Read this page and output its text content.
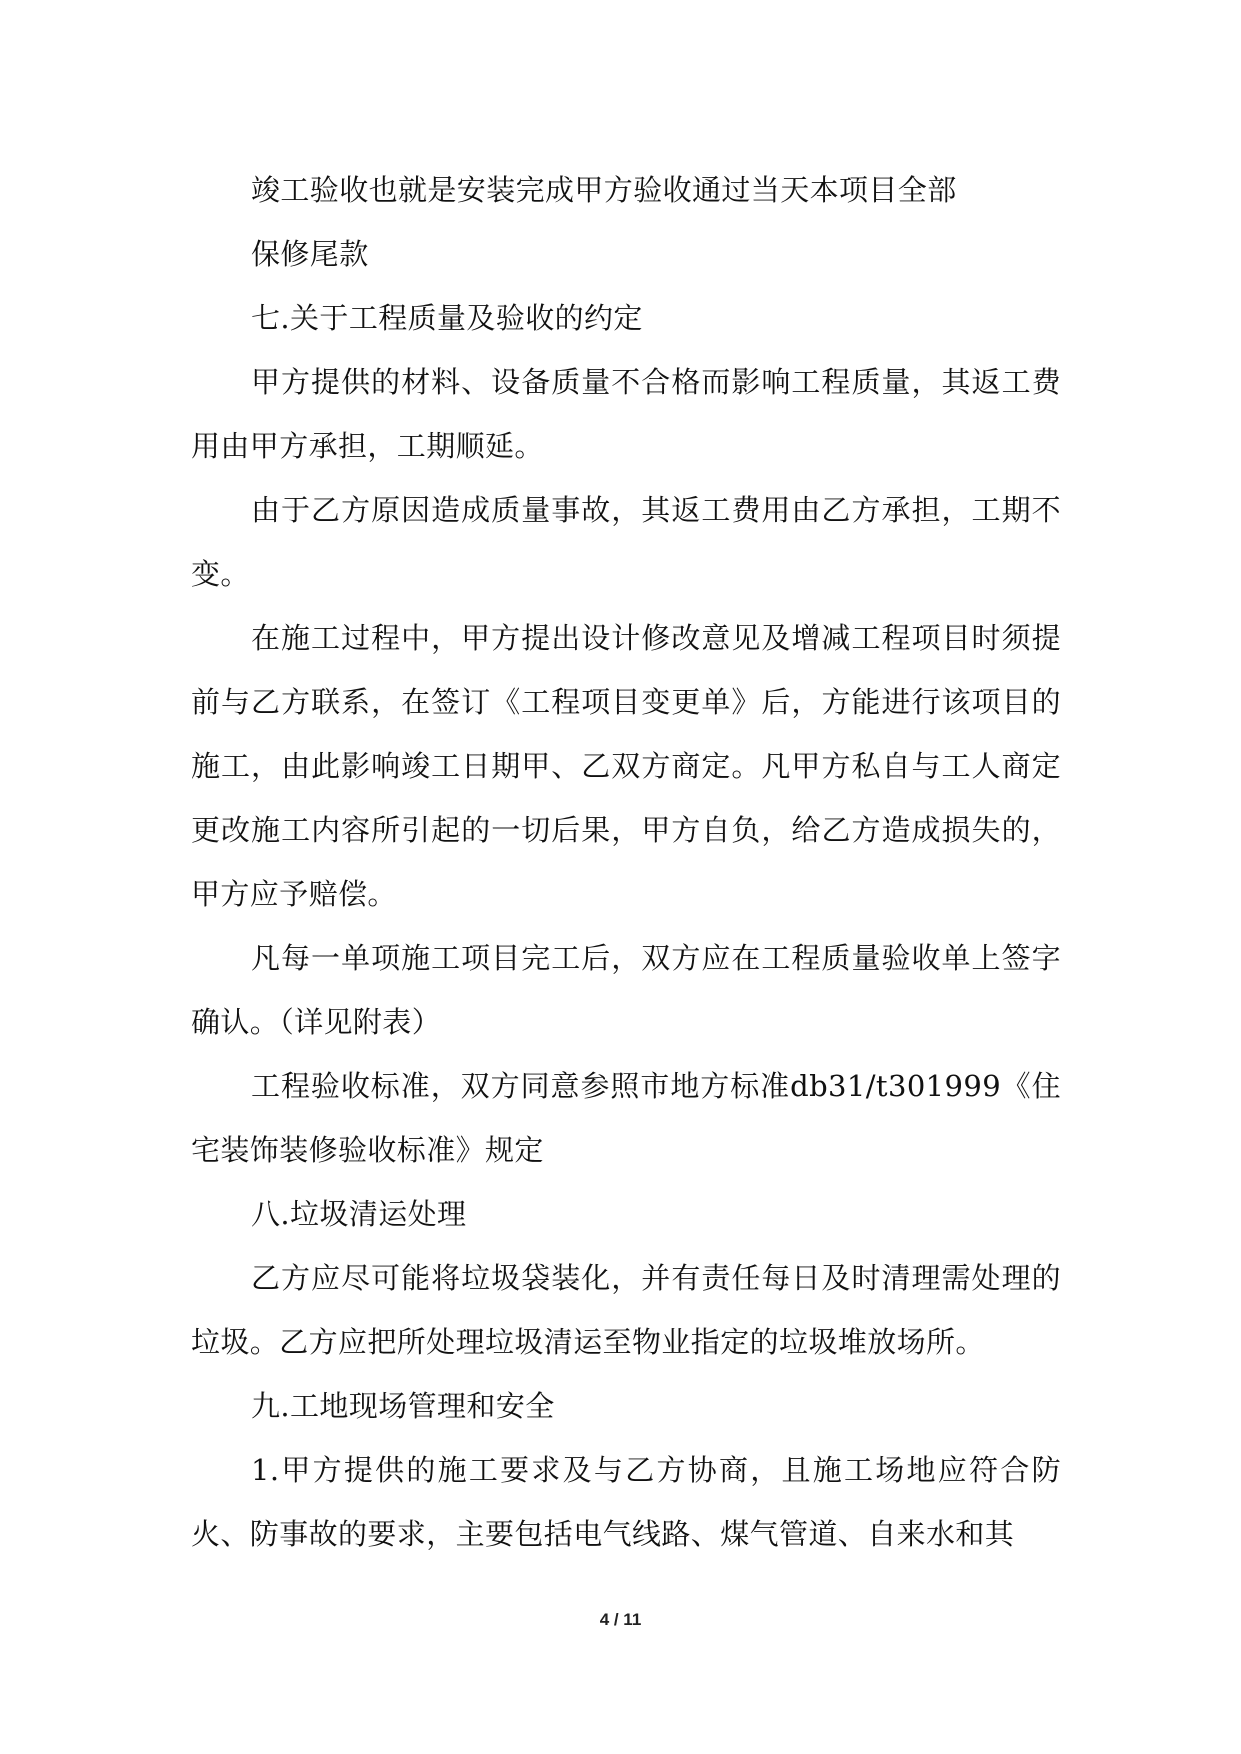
竣工验收也就是安装完成甲方验收通过当天本项目全部

保修尾款

七.关于工程质量及验收的约定

甲方提供的材料、设备质量不合格而影响工程质量，其返工费用由甲方承担，工期顺延。

由于乙方原因造成质量事故，其返工费用由乙方承担，工期不变。

在施工过程中，甲方提出设计修改意见及增减工程项目时须提前与乙方联系，在签订《工程项目变更单》后，方能进行该项目的施工，由此影响竣工日期甲、乙双方商定。凡甲方私自与工人商定更改施工内容所引起的一切后果，甲方自负，给乙方造成损失的，甲方应予赔偿。

凡每一单项施工项目完工后，双方应在工程质量验收单上签字确认。（详见附表）

工程验收标准，双方同意参照市地方标准db31/t301999《住宅装饰装修验收标准》规定

八.垃圾清运处理

乙方应尽可能将垃圾袋装化，并有责任每日及时清理需处理的垃圾。乙方应把所处理垃圾清运至物业指定的垃圾堆放场所。

九.工地现场管理和安全

1.甲方提供的施工要求及与乙方协商，且施工场地应符合防火、防事故的要求，主要包括电气线路、煤气管道、自来水和其

4 / 11
